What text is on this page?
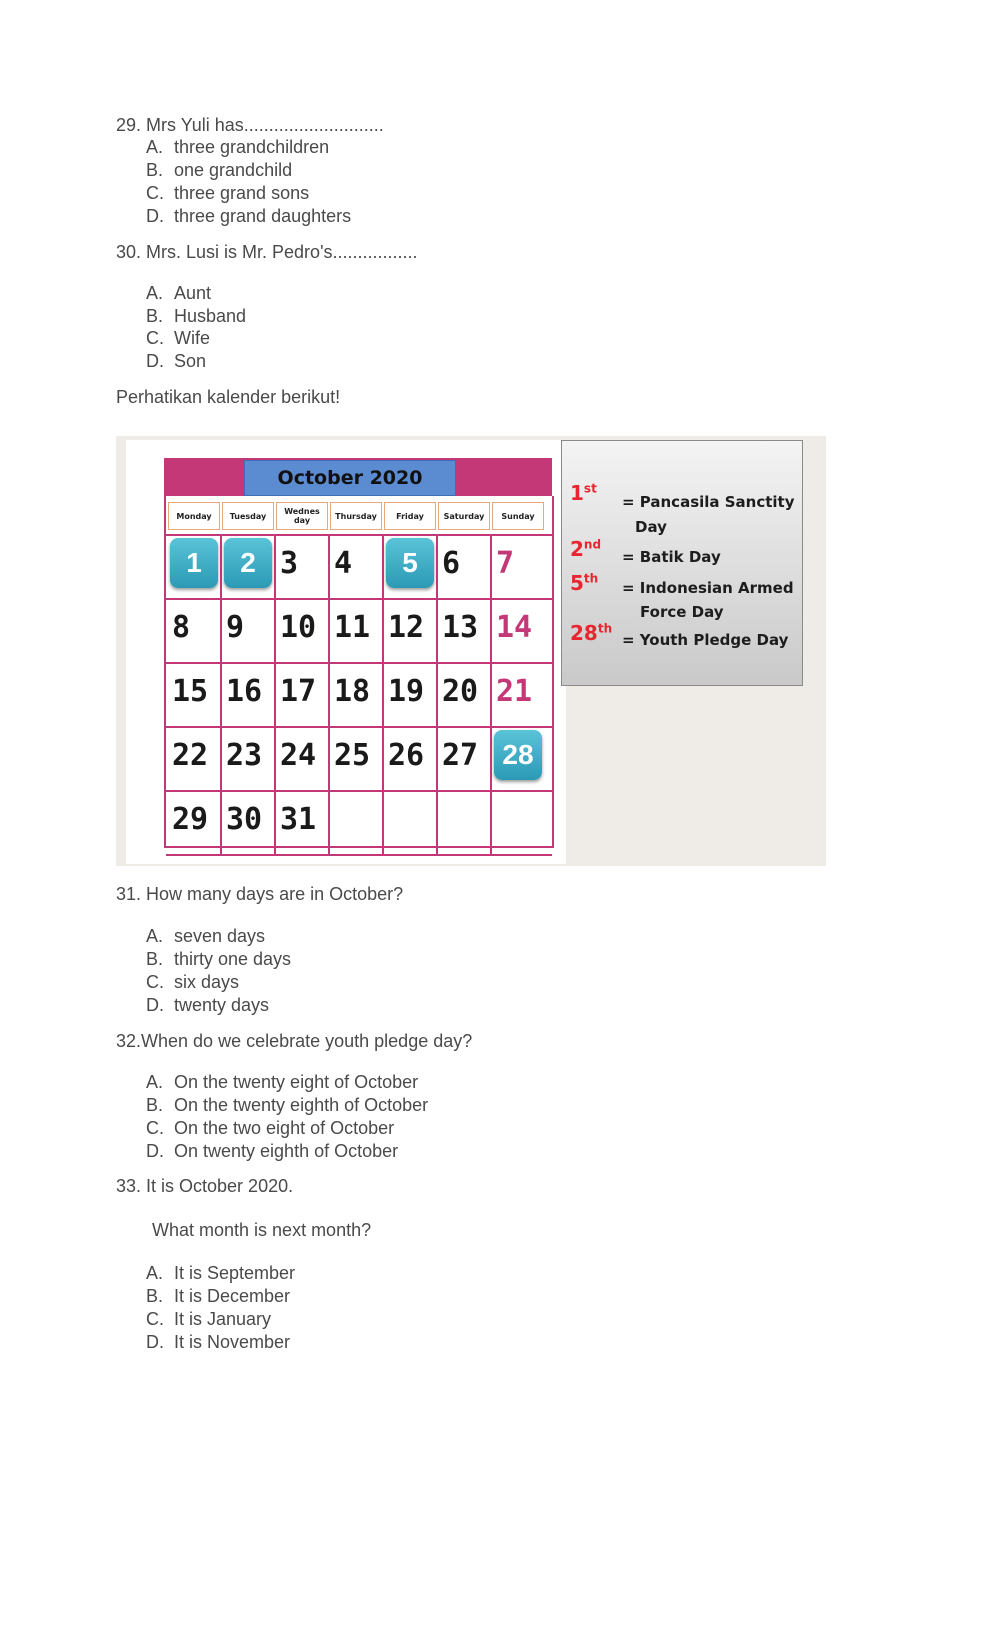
29. Mrs Yuli has............................
A. three grandchildren
B. one grandchild
C. three grand sons
D. three grand daughters
30. Mrs. Lusi is Mr. Pedro's.................
A. Aunt
B. Husband
C. Wife
D. Son
Perhatikan kalender berikut!
October 2020
Monday	Tuesday	Wednes day	Thursday	Friday	Saturday	Sunday
1	2 3 4	5 6 7
8 9 10 11 12 13 14
15 16 17 18 19 20 21
22 23 24 25 26 27 28
29 30 31
1st
= Pancasila Sanctity
Day
2nd
= Batik Day
5th
= Indonesian Armed
Force Day
28th
= Youth Pledge Day
31. How many days are in October?
A. seven days
B. thirty one days
C. six days
D. twenty days
32.When do we celebrate youth pledge day?
A. On the twenty eight of October
B. On the twenty eighth of October
C. On the two eight of October
D. On twenty eighth of October
33. It is October 2020.
What month is next month?
A. It is September
B. It is December
C. It is January
D. It is November
